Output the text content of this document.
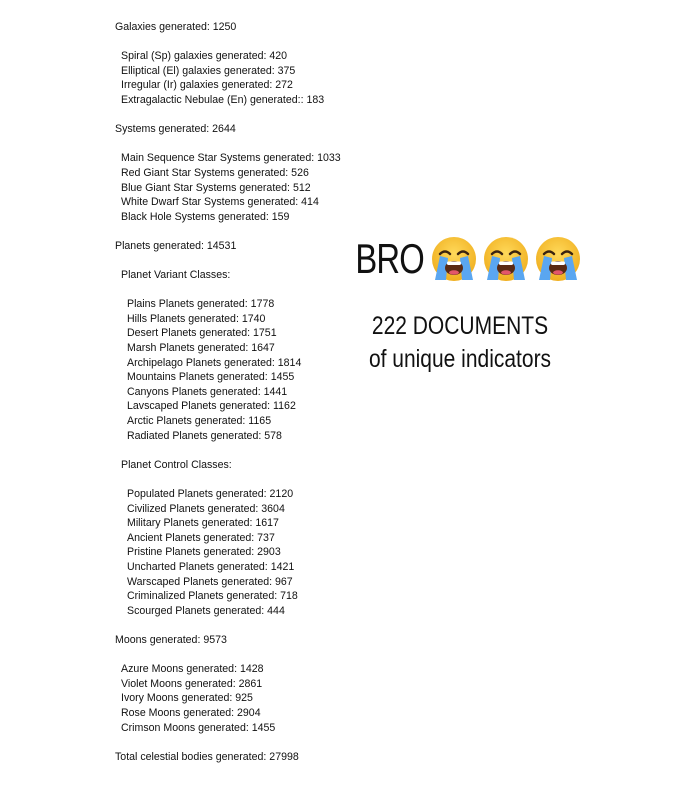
Galaxies generated: 1250
Spiral (Sp) galaxies generated: 420
Elliptical (El) galaxies generated: 375
Irregular (Ir) galaxies generated: 272
Extragalactic Nebulae (En) generated:: 183
Systems generated: 2644
Main Sequence Star Systems generated: 1033
Red Giant Star Systems generated: 526
Blue Giant Star Systems generated: 512
White Dwarf Star Systems generated: 414
Black Hole Systems generated: 159
Planets generated: 14531
Planet Variant Classes:
Plains Planets generated: 1778
Hills Planets generated: 1740
Desert Planets generated: 1751
Marsh Planets generated: 1647
Archipelago Planets generated: 1814
Mountains Planets generated: 1455
Canyons Planets generated: 1441
Lavscaped Planets generated: 1162
Arctic Planets generated: 1165
Radiated Planets generated: 578
Planet Control Classes:
Populated Planets generated: 2120
Civilized Planets generated: 3604
Military Planets generated: 1617
Ancient Planets generated: 737
Pristine Planets generated: 2903
Uncharted Planets generated: 1421
Warscaped Planets generated: 967
Criminalized Planets generated: 718
Scourged Planets generated: 444
Moons generated: 9573
Azure Moons generated: 1428
Violet Moons generated: 2861
Ivory Moons generated: 925
Rose Moons generated: 2904
Crimson Moons generated: 1455
Total celestial bodies generated: 27998
BRO
222 DOCUMENTS
of unique indicators
